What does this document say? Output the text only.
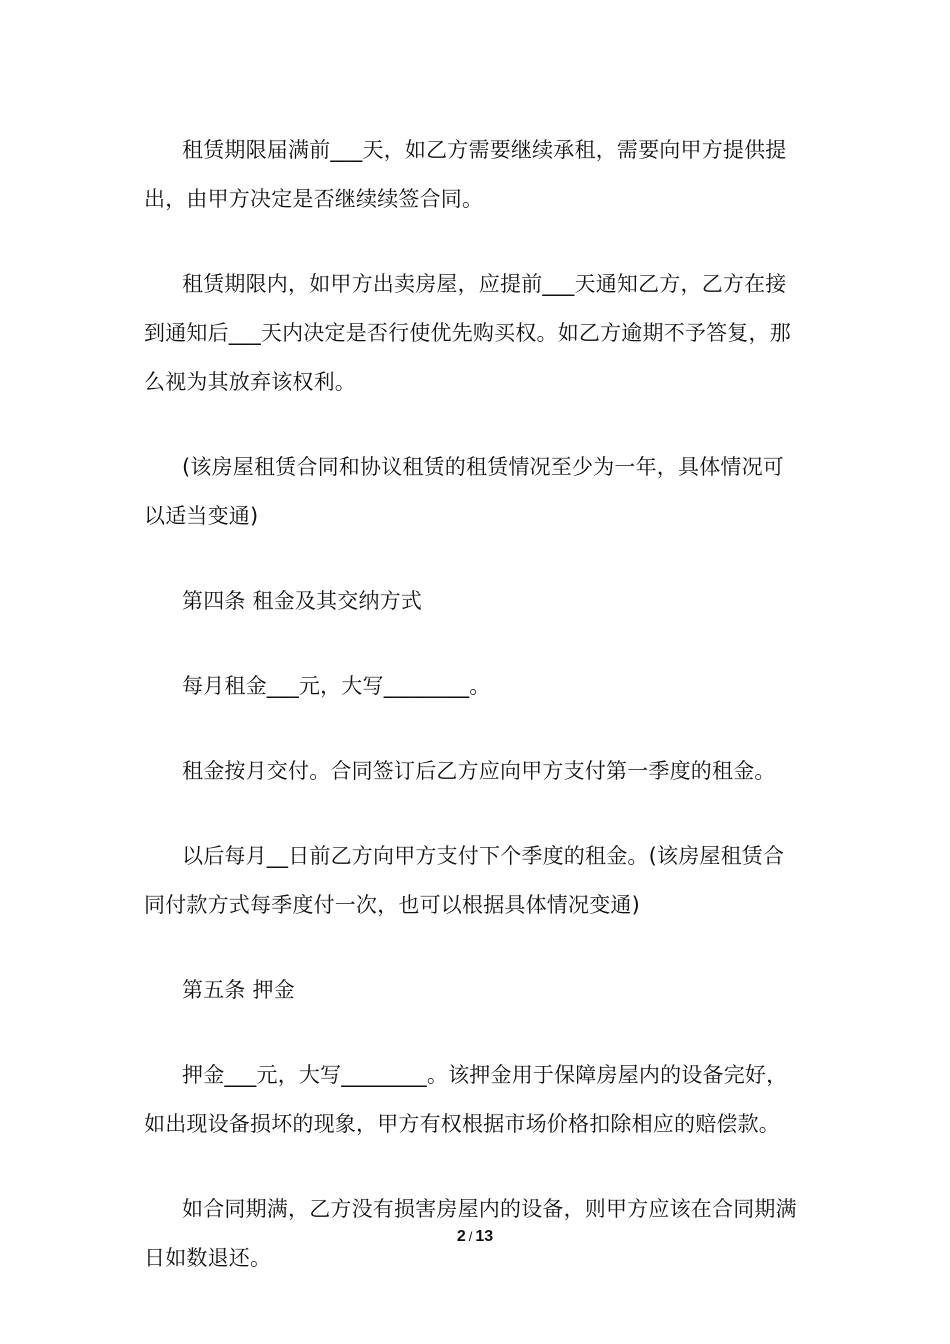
租赁期限届满前___天，如乙方需要继续承租，需要向甲方提供提出，由甲方决定是否继续续签合同。

租赁期限内，如甲方出卖房屋，应提前___天通知乙方，乙方在接到通知后___天内决定是否行使优先购买权。如乙方逾期不予答复，那么视为其放弃该权利。

(该房屋租赁合同和协议租赁的租赁情况至少为一年，具体情况可以适当变通)

第四条 租金及其交纳方式

每月租金___元，大写________。

租金按月交付。合同签订后乙方应向甲方支付第一季度的租金。

以后每月__日前乙方向甲方支付下个季度的租金。(该房屋租赁合同付款方式每季度付一次，也可以根据具体情况变通)

第五条 押金

押金___元，大写________。该押金用于保障房屋内的设备完好，如出现设备损坏的现象，甲方有权根据市场价格扣除相应的赔偿款。

如合同期满，乙方没有损害房屋内的设备，则甲方应该在合同期满日如数退还。

2 / 13
